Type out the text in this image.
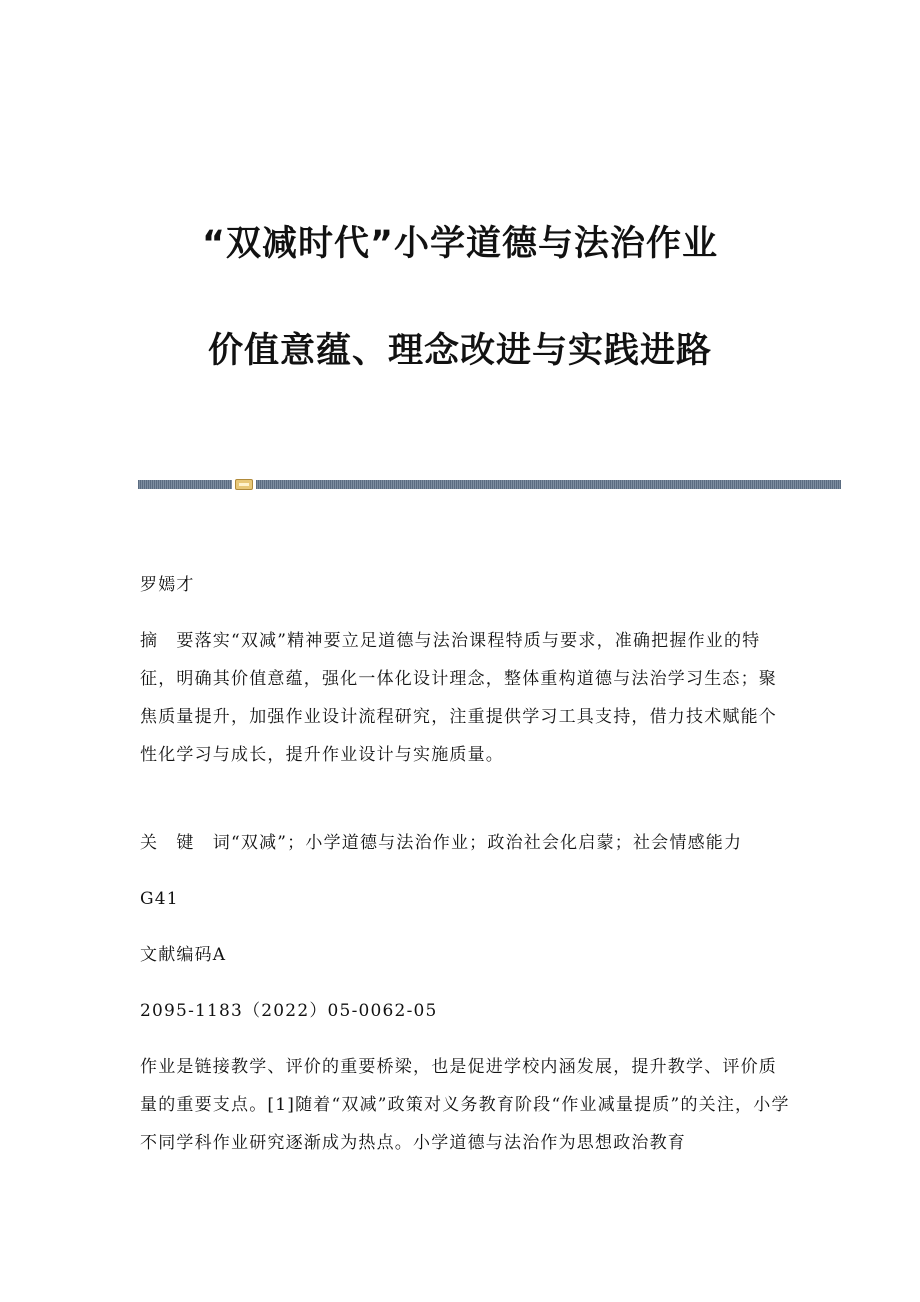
“双减时代”小学道德与法治作业
价值意蕴、理念改进与实践进路

罗嫣才

摘　要落实“双减”精神要立足道德与法治课程特质与要求，准确把握作业的特征，明确其价值意蕴，强化一体化设计理念，整体重构道德与法治学习生态；聚焦质量提升，加强作业设计流程研究，注重提供学习工具支持，借力技术赋能个性化学习与成长，提升作业设计与实施质量。

关　键　词“双减”；小学道德与法治作业；政治社会化启蒙；社会情感能力

G41

文献编码A

2095-1183（2022）05-0062-05

作业是链接教学、评价的重要桥梁，也是促进学校内涵发展，提升教学、评价质量的重要支点。[1]随着“双减”政策对义务教育阶段“作业减量提质”的关注，小学不同学科作业研究逐渐成为热点。小学道德与法治作为思想政治教育
